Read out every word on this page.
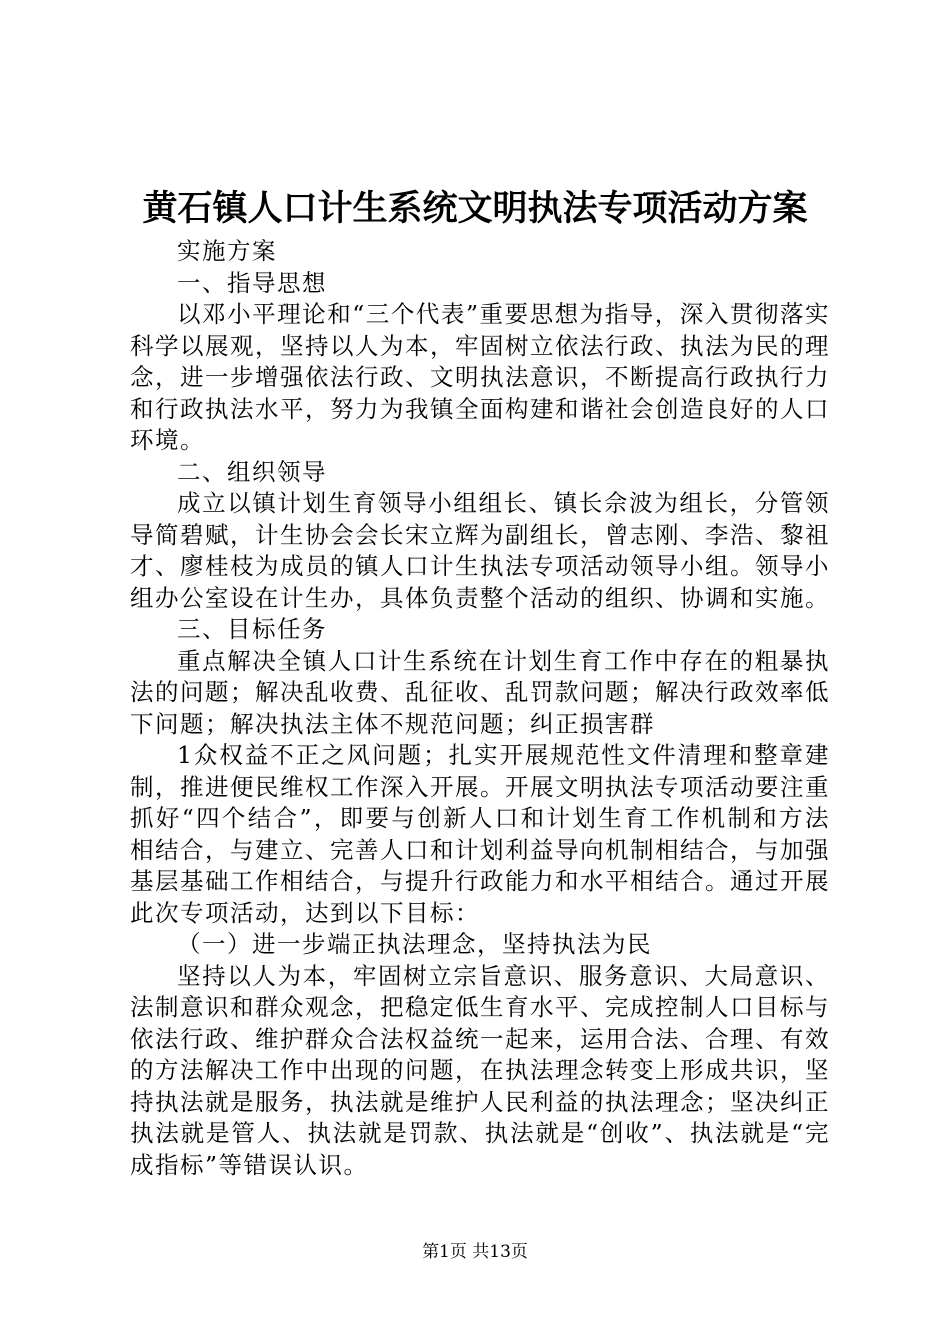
黄石镇人口计生系统文明执法专项活动方案

实施方案

一、指导思想

以邓小平理论和“三个代表”重要思想为指导，深入贯彻落实科学以展观，坚持以人为本，牢固树立依法行政、执法为民的理念，进一步增强依法行政、文明执法意识，不断提高行政执行力和行政执法水平，努力为我镇全面构建和谐社会创造良好的人口环境。

二、组织领导

成立以镇计划生育领导小组组长、镇长佘波为组长，分管领导简碧赋，计生协会会长宋立辉为副组长，曾志刚、李浩、黎祖才、廖桂枝为成员的镇人口计生执法专项活动领导小组。领导小组办公室设在计生办，具体负责整个活动的组织、协调和实施。

三、目标任务

重点解决全镇人口计生系统在计划生育工作中存在的粗暴执法的问题；解决乱收费、乱征收、乱罚款问题；解决行政效率低下问题；解决执法主体不规范问题；纠正损害群

1众权益不正之风问题；扎实开展规范性文件清理和整章建制，推进便民维权工作深入开展。开展文明执法专项活动要注重抓好“四个结合”，即要与创新人口和计划生育工作机制和方法相结合，与建立、完善人口和计划利益导向机制相结合，与加强基层基础工作相结合，与提升行政能力和水平相结合。通过开展此次专项活动，达到以下目标：

（一）进一步端正执法理念，坚持执法为民

坚持以人为本，牢固树立宗旨意识、服务意识、大局意识、法制意识和群众观念，把稳定低生育水平、完成控制人口目标与依法行政、维护群众合法权益统一起来，运用合法、合理、有效的方法解决工作中出现的问题，在执法理念转变上形成共识，坚持执法就是服务，执法就是维护人民利益的执法理念；坚决纠正执法就是管人、执法就是罚款、执法就是“创收”、执法就是“完成指标”等错误认识。

第1页 共13页
